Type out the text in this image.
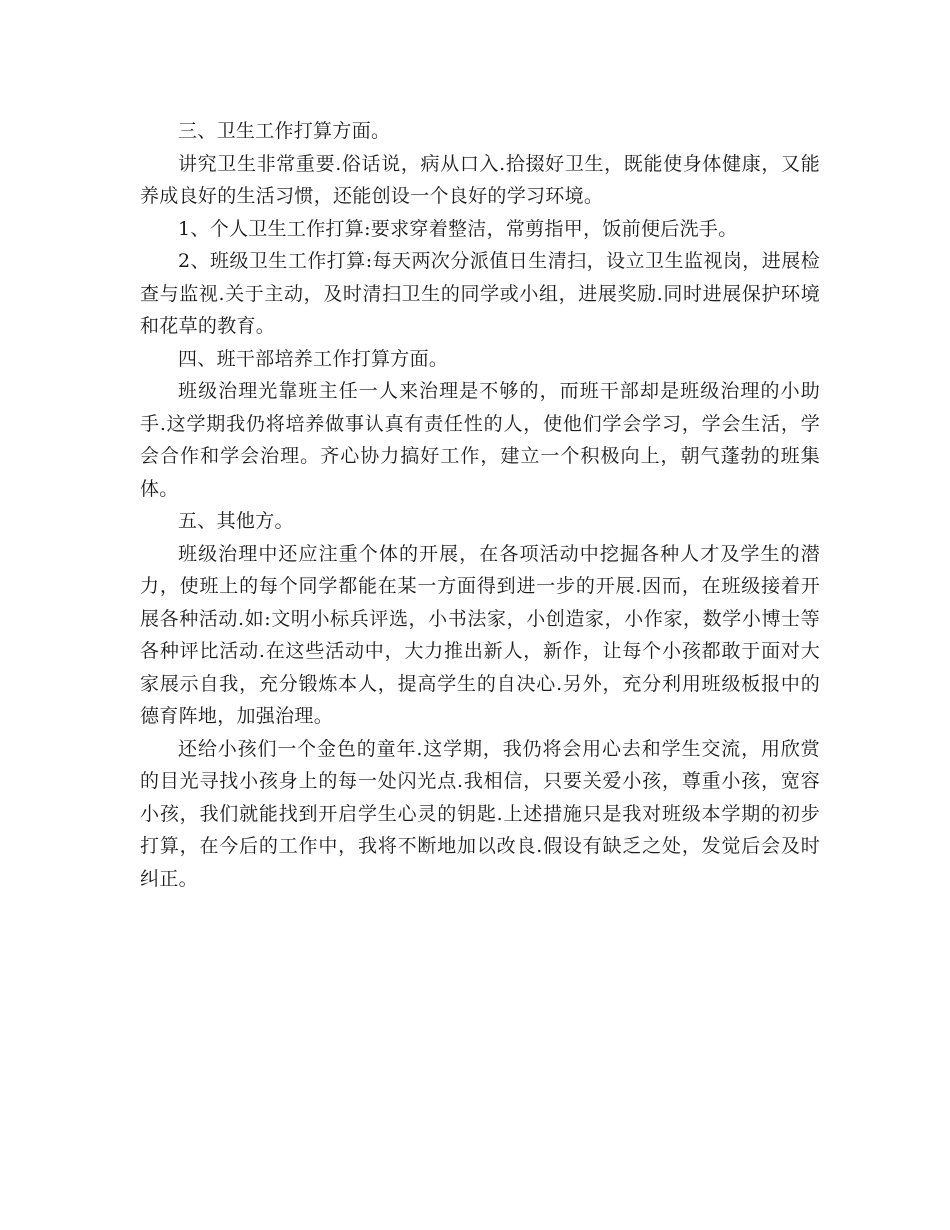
三、卫生工作打算方面。

讲究卫生非常重要.俗话说，病从口入.拾掇好卫生，既能使身体健康，又能养成良好的生活习惯，还能创设一个良好的学习环境。

1、个人卫生工作打算:要求穿着整洁，常剪指甲，饭前便后洗手。

2、班级卫生工作打算:每天两次分派值日生清扫，设立卫生监视岗，进展检查与监视.关于主动，及时清扫卫生的同学或小组，进展奖励.同时进展保护环境和花草的教育。

四、班干部培养工作打算方面。

班级治理光靠班主任一人来治理是不够的，而班干部却是班级治理的小助手.这学期我仍将培养做事认真有责任性的人，使他们学会学习，学会生活，学会合作和学会治理。齐心协力搞好工作，建立一个积极向上，朝气蓬勃的班集体。

五、其他方。

班级治理中还应注重个体的开展，在各项活动中挖掘各种人才及学生的潜力，使班上的每个同学都能在某一方面得到进一步的开展.因而，在班级接着开展各种活动.如:文明小标兵评选，小书法家，小创造家，小作家，数学小博士等各种评比活动.在这些活动中，大力推出新人，新作，让每个小孩都敢于面对大家展示自我，充分锻炼本人，提高学生的自决心.另外，充分利用班级板报中的德育阵地，加强治理。

还给小孩们一个金色的童年.这学期，我仍将会用心去和学生交流，用欣赏的目光寻找小孩身上的每一处闪光点.我相信，只要关爱小孩，尊重小孩，宽容小孩，我们就能找到开启学生心灵的钥匙.上述措施只是我对班级本学期的初步打算，在今后的工作中，我将不断地加以改良.假设有缺乏之处，发觉后会及时纠正。
